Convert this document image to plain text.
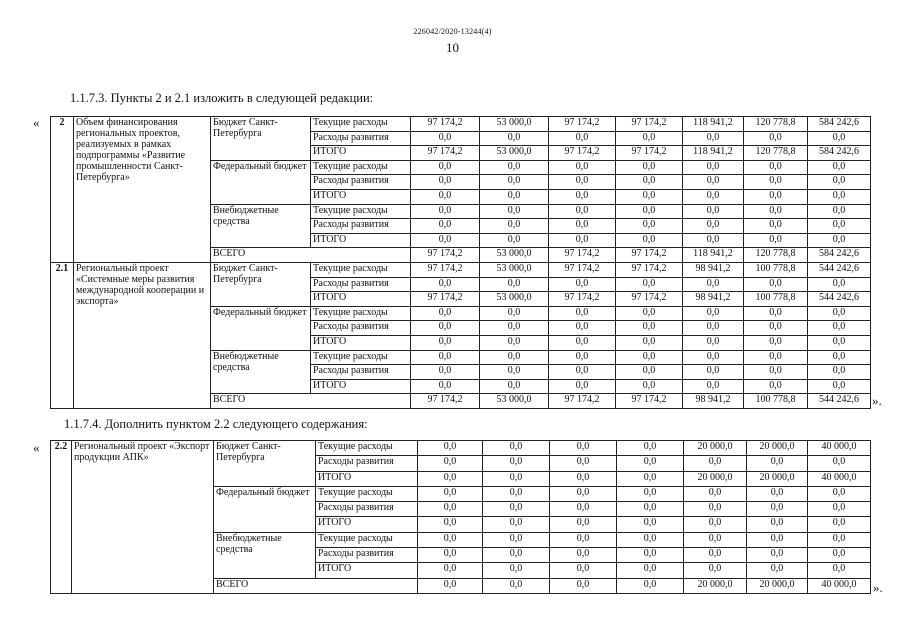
226042/2020-13244(4)
10
1.1.7.3. Пункты 2 и 2.1 изложить в следующей редакции:
« 2	Объем финансирования региональных проектов, реализуемых в рамках подпрограммы «Развитие промышленности Санкт-Петербурга»	Бюджет Санкт-Петербурга	Текущие расходы	97 174,2	53 000,0	97 174,2	97 174,2	118 941,2	120 778,8	584 242,6
			Расходы развития	0,0	0,0	0,0	0,0	0,0	0,0	0,0
			ИТОГО	97 174,2	53 000,0	97 174,2	97 174,2	118 941,2	120 778,8	584 242,6
		Федеральный бюджет	Текущие расходы	0,0	0,0	0,0	0,0	0,0	0,0	0,0
			Расходы развития	0,0	0,0	0,0	0,0	0,0	0,0	0,0
			ИТОГО	0,0	0,0	0,0	0,0	0,0	0,0	0,0
		Внебюджетные средства	Текущие расходы	0,0	0,0	0,0	0,0	0,0	0,0	0,0
			Расходы развития	0,0	0,0	0,0	0,0	0,0	0,0	0,0
			ИТОГО	0,0	0,0	0,0	0,0	0,0	0,0	0,0
		ВСЕГО		97 174,2	53 000,0	97 174,2	97 174,2	118 941,2	120 778,8	584 242,6
2.1	Региональный проект «Системные меры развития международной кооперации и экспорта»	Бюджет Санкт-Петербурга	Текущие расходы	97 174,2	53 000,0	97 174,2	97 174,2	98 941,2	100 778,8	544 242,6
			Расходы развития	0,0	0,0	0,0	0,0	0,0	0,0	0,0
			ИТОГО	97 174,2	53 000,0	97 174,2	97 174,2	98 941,2	100 778,8	544 242,6
		Федеральный бюджет	Текущие расходы	0,0	0,0	0,0	0,0	0,0	0,0	0,0
			Расходы развития	0,0	0,0	0,0	0,0	0,0	0,0	0,0
			ИТОГО	0,0	0,0	0,0	0,0	0,0	0,0	0,0
		Внебюджетные средства	Текущие расходы	0,0	0,0	0,0	0,0	0,0	0,0	0,0
			Расходы развития	0,0	0,0	0,0	0,0	0,0	0,0	0,0
			ИТОГО	0,0	0,0	0,0	0,0	0,0	0,0	0,0
		ВСЕГО		97 174,2	53 000,0	97 174,2	97 174,2	98 941,2	100 778,8	544 242,6 ».
1.1.7.4. Дополнить пунктом 2.2 следующего содержания:
« 2.2	Региональный проект «Экспорт продукции АПК»	Бюджет Санкт-Петербурга	Текущие расходы	0,0	0,0	0,0	0,0	20 000,0	20 000,0	40 000,0
			Расходы развития	0,0	0,0	0,0	0,0	0,0	0,0	0,0
			ИТОГО	0,0	0,0	0,0	0,0	20 000,0	20 000,0	40 000,0
		Федеральный бюджет	Текущие расходы	0,0	0,0	0,0	0,0	0,0	0,0	0,0
			Расходы развития	0,0	0,0	0,0	0,0	0,0	0,0	0,0
			ИТОГО	0,0	0,0	0,0	0,0	0,0	0,0	0,0
		Внебюджетные средства	Текущие расходы	0,0	0,0	0,0	0,0	0,0	0,0	0,0
			Расходы развития	0,0	0,0	0,0	0,0	0,0	0,0	0,0
			ИТОГО	0,0	0,0	0,0	0,0	0,0	0,0	0,0
		ВСЕГО		0,0	0,0	0,0	0,0	20 000,0	20 000,0	40 000,0 ».
